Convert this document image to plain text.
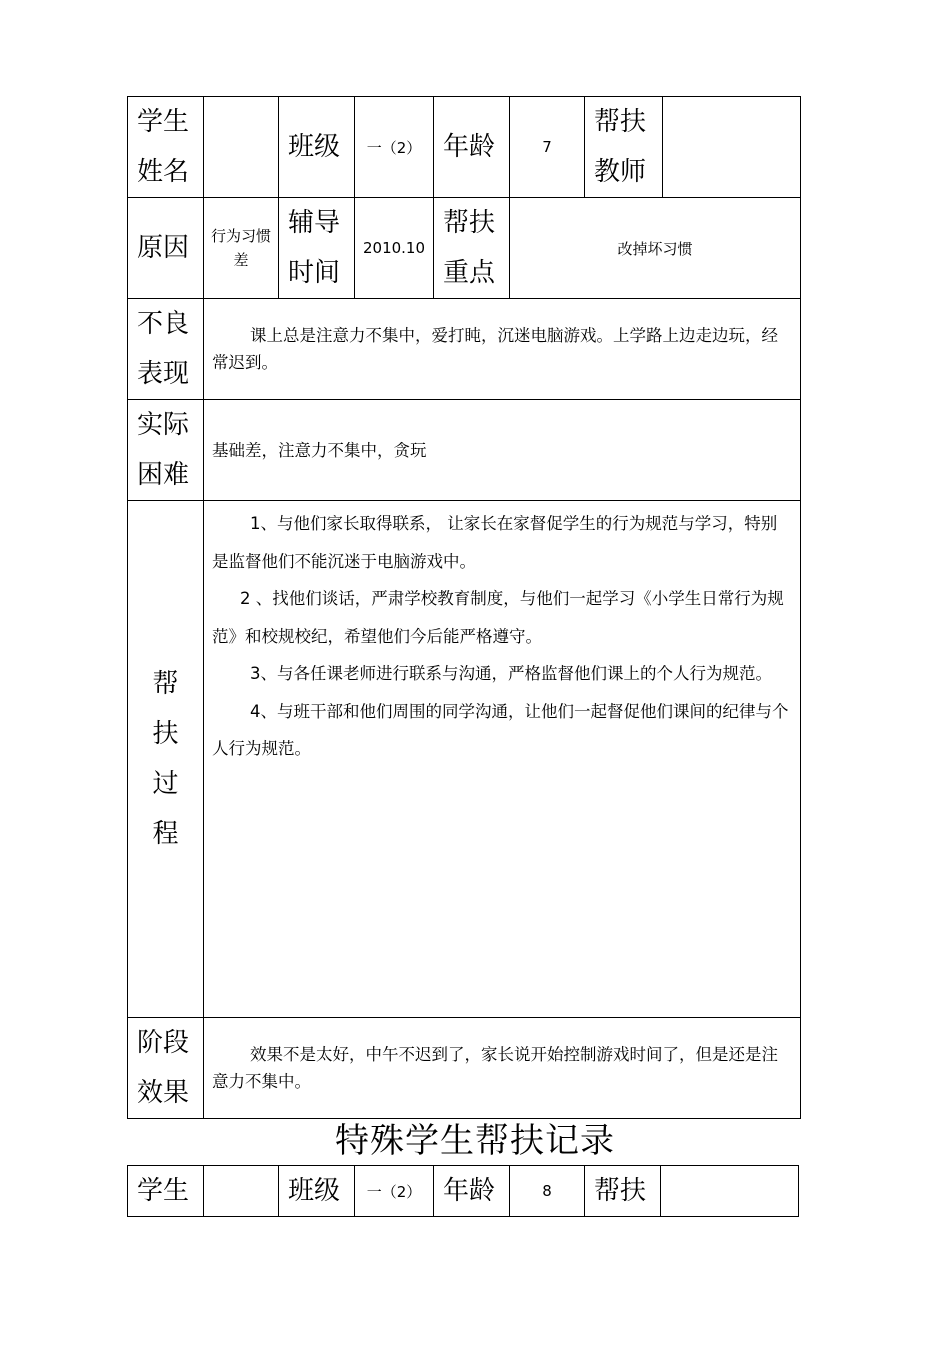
学生姓名		班级	一（2）	年龄	7	帮扶教师	
原因	行为习惯差	辅导时间	2010.10	帮扶重点	改掉坏习惯		
不良表现	课上总是注意力不集中，爱打盹，沉迷电脑游戏。上学路上边走边玩，经常迟到。						

实际困难	基础差，注意力不集中，贪玩						

帮扶过程	1、与他们家长取得联系， 让家长在家督促学生的行为规范与学习，特别是监督他们不能沉迷于电脑游戏中。

2 、找他们谈话，严肃学校教育制度，与他们一起学习《小学生日常行为规范》和校规校纪，希望他们今后能严格遵守。

3、与各任课老师进行联系与沟通，严格监督他们课上的个人行为规范。

4、与班干部和他们周围的同学沟通，让他们一起督促他们课间的纪律与个人行为规范。						

阶段效果	效果不是太好，中午不迟到了，家长说开始控制游戏时间了，但是还是注意力不集中。						
特殊学生帮扶记录
学生		班级	一（2）	年龄	8	帮扶	
